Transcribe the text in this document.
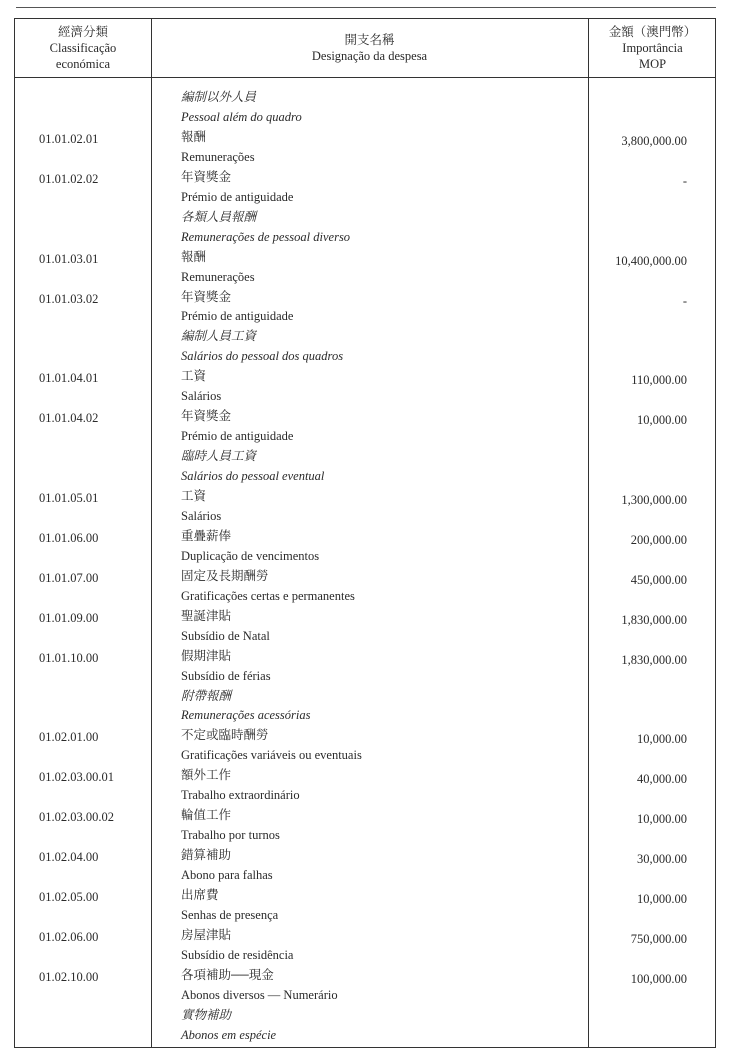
經濟分類
Classificação
económica
開支名稱
Designação da despesa
金額（澳門幣）
Importância
MOP
編制以外人員
Pessoal além do quadro
01.01.02.01	報酬	3,800,000.00
Remunerações
01.01.02.02	年資獎金	-
Prémio de antiguidade
各類人員報酬
Remunerações de pessoal diverso
01.01.03.01	報酬	10,400,000.00
Remunerações
01.01.03.02	年資獎金	-
Prémio de antiguidade
編制人員工資
Salários do pessoal dos quadros
01.01.04.01	工資	110,000.00
Salários
01.01.04.02	年資獎金	10,000.00
Prémio de antiguidade
臨時人員工資
Salários do pessoal eventual
01.01.05.01	工資	1,300,000.00
Salários
01.01.06.00	重疊薪俸	200,000.00
Duplicação de vencimentos
01.01.07.00	固定及長期酬勞	450,000.00
Gratificações certas e permanentes
01.01.09.00	聖誕津貼	1,830,000.00
Subsídio de Natal
01.01.10.00	假期津貼	1,830,000.00
Subsídio de férias
附帶報酬
Remunerações acessórias
01.02.01.00	不定或臨時酬勞	10,000.00
Gratificações variáveis ou eventuais
01.02.03.00.01	額外工作	40,000.00
Trabalho extraordinário
01.02.03.00.02	輪值工作	10,000.00
Trabalho por turnos
01.02.04.00	錯算補助	30,000.00
Abono para falhas
01.02.05.00	出席費	10,000.00
Senhas de presença
01.02.06.00	房屋津貼	750,000.00
Subsídio de residência
01.02.10.00	各項補助──現金	100,000.00
Abonos diversos — Numerário
實物補助
Abonos em espécie
